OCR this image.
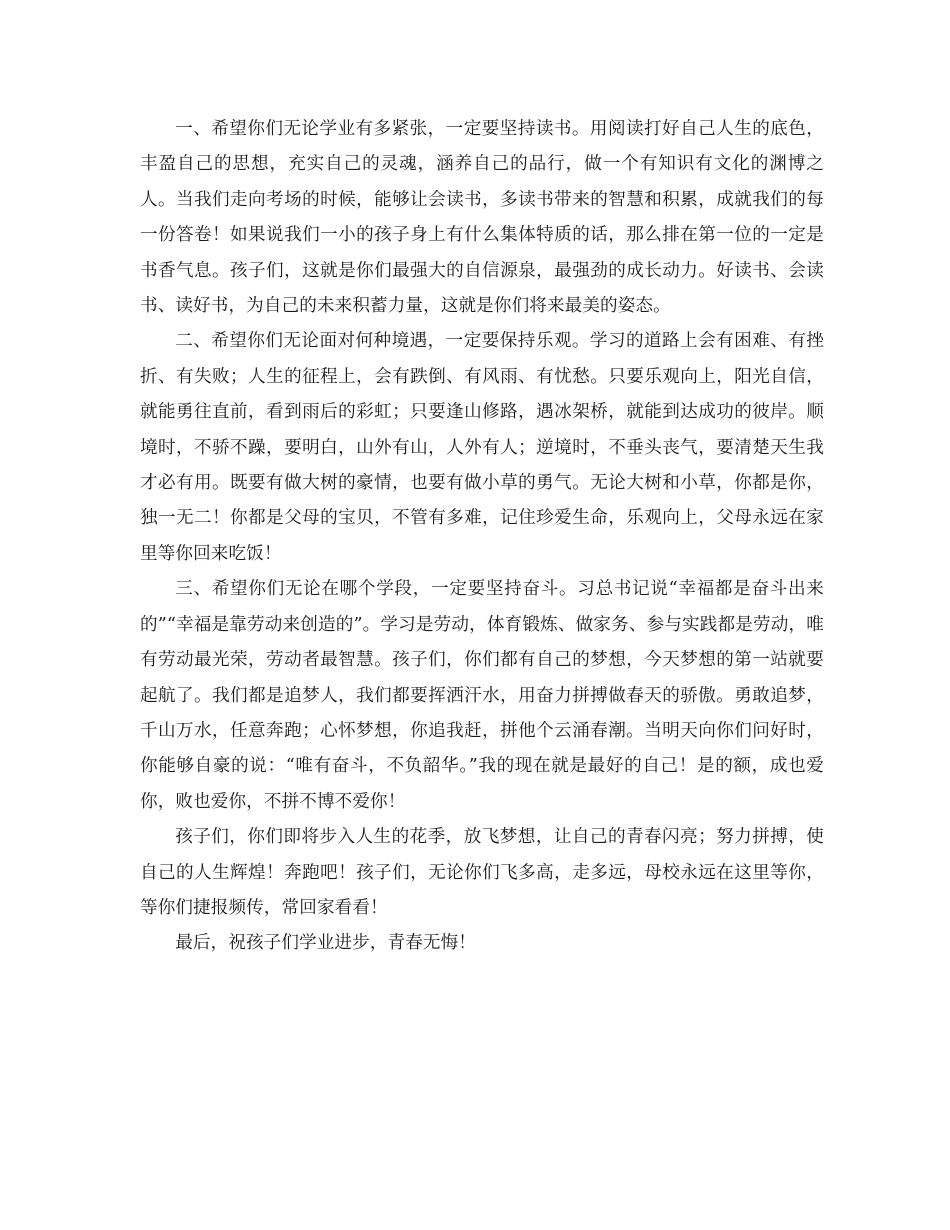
一、希望你们无论学业有多紧张，一定要坚持读书。用阅读打好自己人生的底色，丰盈自己的思想，充实自己的灵魂，涵养自己的品行，做一个有知识有文化的渊博之人。当我们走向考场的时候，能够让会读书，多读书带来的智慧和积累，成就我们的每一份答卷！如果说我们一小的孩子身上有什么集体特质的话，那么排在第一位的一定是书香气息。孩子们，这就是你们最强大的自信源泉，最强劲的成长动力。好读书、会读书、读好书，为自己的未来积蓄力量，这就是你们将来最美的姿态。

二、希望你们无论面对何种境遇，一定要保持乐观。学习的道路上会有困难、有挫折、有失败；人生的征程上，会有跌倒、有风雨、有忧愁。只要乐观向上，阳光自信，就能勇往直前，看到雨后的彩虹；只要逢山修路，遇冰架桥，就能到达成功的彼岸。顺境时，不骄不躁，要明白，山外有山，人外有人；逆境时，不垂头丧气，要清楚天生我才必有用。既要有做大树的豪情，也要有做小草的勇气。无论大树和小草，你都是你，独一无二！你都是父母的宝贝，不管有多难，记住珍爱生命，乐观向上，父母永远在家里等你回来吃饭！

三、希望你们无论在哪个学段，一定要坚持奋斗。习总书记说“幸福都是奋斗出来的”“幸福是靠劳动来创造的”。学习是劳动，体育锻炼、做家务、参与实践都是劳动，唯有劳动最光荣，劳动者最智慧。孩子们，你们都有自己的梦想，今天梦想的第一站就要起航了。我们都是追梦人，我们都要挥洒汗水，用奋力拼搏做春天的骄傲。勇敢追梦，千山万水，任意奔跑；心怀梦想，你追我赶，拼他个云涌春潮。当明天向你们问好时，你能够自豪的说：“唯有奋斗，不负韶华。”我的现在就是最好的自己！是的额，成也爱你，败也爱你，不拼不博不爱你！

孩子们，你们即将步入人生的花季，放飞梦想，让自己的青春闪亮；努力拼搏，使自己的人生辉煌！奔跑吧！孩子们，无论你们飞多高，走多远，母校永远在这里等你，等你们捷报频传，常回家看看！

最后，祝孩子们学业进步，青春无悔！
